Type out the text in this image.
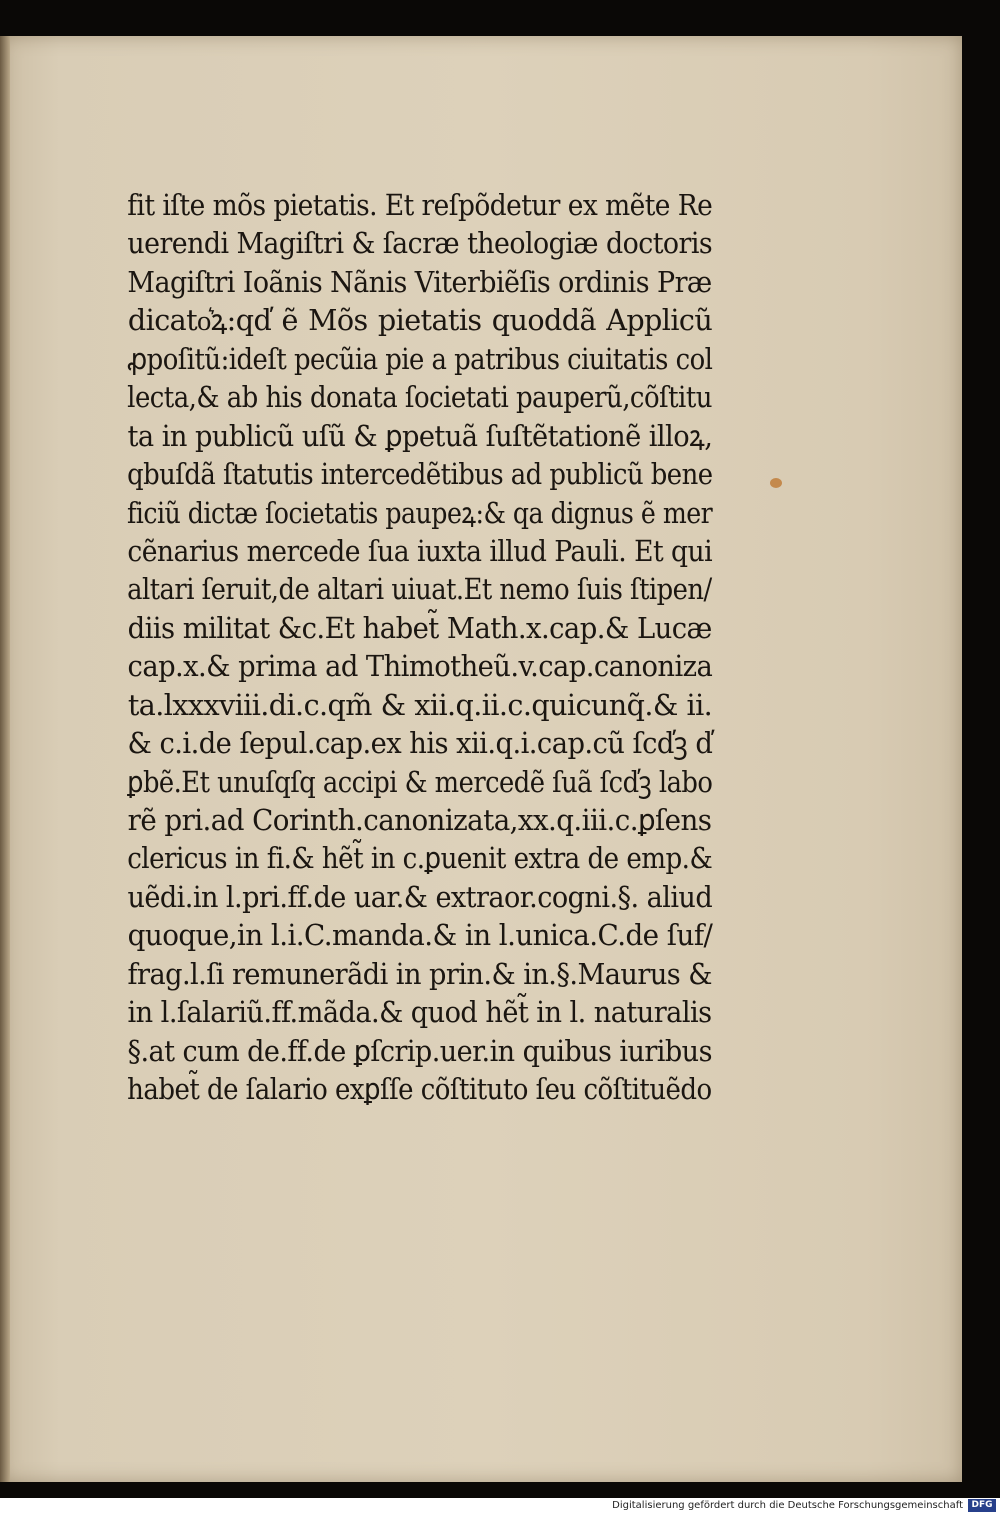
fit iſte mõs pietatis. Et reſpõdetur ex mẽte Re
uerendi Magiſtri & ſacræ theologiæ doctoris
Magiſtri Ioãnis Nãnis Viterbiẽſis ordinis Præ
dicato͛ꝝ:qd̕ ẽ Mõs pietatis quoddã Applicũ
ꝓpoſitũ:ideſt pecũia pie a patribus ciuitatis col
lecta,& ab his donata ſocietati pauperũ,cõſtitu
ta in publicũ uſũ & ꝑpetuã ſuſtẽtationẽ illoꝝ,
qbuſdã ſtatutis intercedẽtibus ad publicũ bene
ficiũ dictæ ſocietatis paupeꝝ:& qa dignus ẽ mer
cẽnarius mercede ſua iuxta illud Pauli. Et qui
altari ſeruit,de altari uiuat.Et nemo ſuis ſtipen/
diis militat &c.Et habet̃ Math.x.cap.& Lucæ
cap.x.& prima ad Thimotheũ.v.cap.canoniza
ta.lxxxviii.di.c.qm̃ & xii.q.ii.c.quicunq̃.& ii.
& c.i.de ſepul.cap.ex his xii.q.i.cap.cũ ſcd̕ꝫ d̕
ꝑbẽ.Et unuſqſq accipi & mercedẽ ſuã ſcd̕ꝫ labo
rẽ pri.ad Corinth.canonizata,xx.q.iii.c.ꝑſens
clericus in fi.& hẽt̃ in c.ꝑuenit extra de emp.&
uẽdi.in l.pri.ff.de uar.& extraor.cogni.§. aliud
quoque,in l.i.C.manda.& in l.unica.C.de ſuf/
frag.l.ſi remunerãdi in prin.& in.§.Maurus &
in l.ſalariũ.ff.mãda.& quod hẽt̃ in l. naturalis
§.at cum de.ff.de ꝑſcrip.uer.in quibus iuribus
habet̃ de ſalario exꝑſſe cõſtituto ſeu cõſtituẽdo
Digitalisierung gefördert durch die Deutsche Forschungsgemeinschaft DFG
